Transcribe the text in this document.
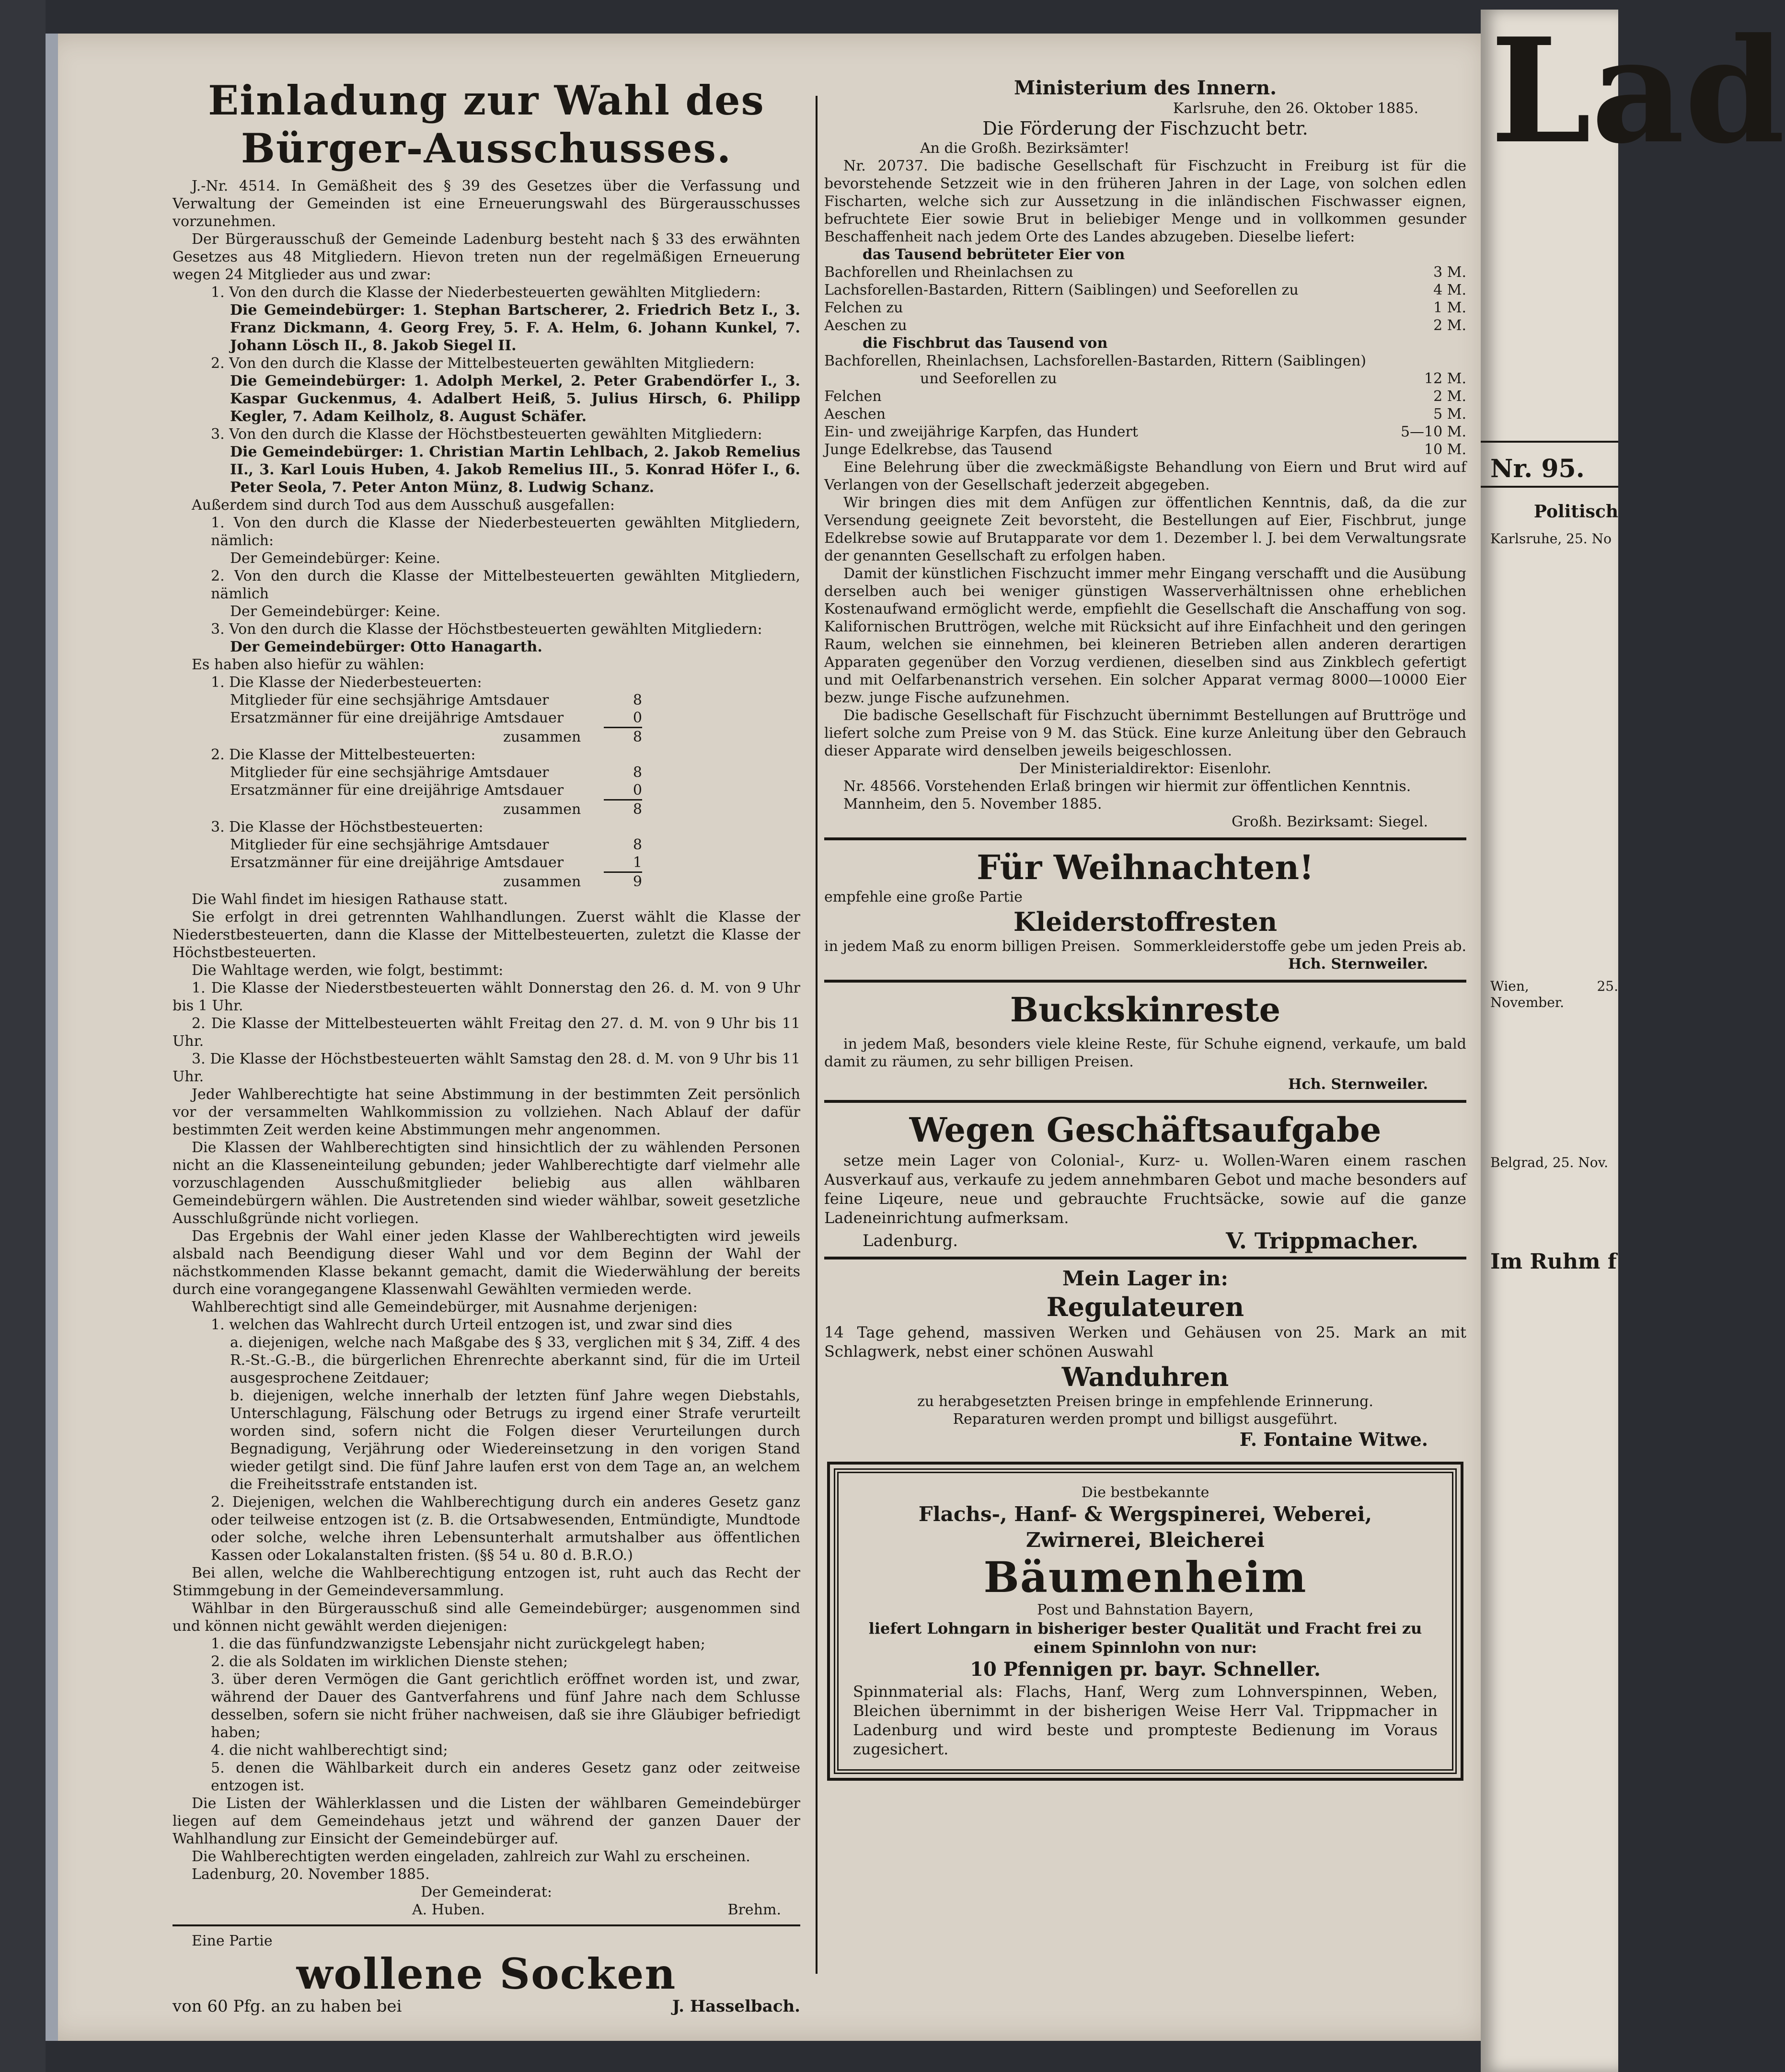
Einladung zur Wahl des Bürger-Ausschusses.

J.-Nr. 4514. In Gemäßheit des § 39 des Gesetzes über die Verfassung und Verwaltung der Gemeinden ist eine Erneuerungswahl des Bürgerausschusses vorzunehmen.

Der Bürgerausschuß der Gemeinde Ladenburg besteht nach § 33 des erwähnten Gesetzes aus 48 Mitgliedern. Hievon treten nun der regelmäßigen Erneuerung wegen 24 Mitglieder aus und zwar:

1. Von den durch die Klasse der Niederbesteuerten gewählten Mitgliedern:

Die Gemeindebürger: 1. Stephan Bartscherer, 2. Friedrich Betz I., 3. Franz Dickmann, 4. Georg Frey, 5. F. A. Helm, 6. Johann Kunkel, 7. Johann Lösch II., 8. Jakob Siegel II.

2. Von den durch die Klasse der Mittelbesteuerten gewählten Mitgliedern:

Die Gemeindebürger: 1. Adolph Merkel, 2. Peter Grabendörfer I., 3. Kaspar Guckenmus, 4. Adalbert Heiß, 5. Julius Hirsch, 6. Philipp Kegler, 7. Adam Keilholz, 8. August Schäfer.

3. Von den durch die Klasse der Höchstbesteuerten gewählten Mitgliedern:

Die Gemeindebürger: 1. Christian Martin Lehlbach, 2. Jakob Remelius II., 3. Karl Louis Huben, 4. Jakob Remelius III., 5. Konrad Höfer I., 6. Peter Seola, 7. Peter Anton Münz, 8. Ludwig Schanz.

Außerdem sind durch Tod aus dem Ausschuß ausgefallen:

1. Von den durch die Klasse der Niederbesteuerten gewählten Mitgliedern, nämlich:

Der Gemeindebürger: Keine.

2. Von den durch die Klasse der Mittelbesteuerten gewählten Mitgliedern, nämlich

Der Gemeindebürger: Keine.

3. Von den durch die Klasse der Höchstbesteuerten gewählten Mitgliedern:

Der Gemeindebürger: Otto Hanagarth.

Es haben also hiefür zu wählen:

1. Die Klasse der Niederbesteuerten:

Mitglieder für eine sechsjährige Amtsdauer	8
Ersatzmänner für eine dreijährige Amtsdauer	0
zusammen	8

2. Die Klasse der Mittelbesteuerten:

Mitglieder für eine sechsjährige Amtsdauer	8
Ersatzmänner für eine dreijährige Amtsdauer	0
zusammen	8

3. Die Klasse der Höchstbesteuerten:

Mitglieder für eine sechsjährige Amtsdauer	8
Ersatzmänner für eine dreijährige Amtsdauer	1
zusammen	9

Die Wahl findet im hiesigen Rathause statt.

Sie erfolgt in drei getrennten Wahlhandlungen. Zuerst wählt die Klasse der Niederstbesteuerten, dann die Klasse der Mittelbesteuerten, zuletzt die Klasse der Höchstbesteuerten.

Die Wahltage werden, wie folgt, bestimmt:

1. Die Klasse der Niederstbesteuerten wählt Donnerstag den 26. d. M. von 9 Uhr bis 1 Uhr.

2. Die Klasse der Mittelbesteuerten wählt Freitag den 27. d. M. von 9 Uhr bis 11 Uhr.

3. Die Klasse der Höchstbesteuerten wählt Samstag den 28. d. M. von 9 Uhr bis 11 Uhr.

Jeder Wahlberechtigte hat seine Abstimmung in der bestimmten Zeit persönlich vor der versammelten Wahlkommission zu vollziehen. Nach Ablauf der dafür bestimmten Zeit werden keine Abstimmungen mehr angenommen.

Die Klassen der Wahlberechtigten sind hinsichtlich der zu wählenden Personen nicht an die Klasseneinteilung gebunden; jeder Wahlberechtigte darf vielmehr alle vorzuschlagenden Ausschußmitglieder beliebig aus allen wählbaren Gemeindebürgern wählen. Die Austretenden sind wieder wählbar, soweit gesetzliche Ausschlußgründe nicht vorliegen.

Das Ergebnis der Wahl einer jeden Klasse der Wahlberechtigten wird jeweils alsbald nach Beendigung dieser Wahl und vor dem Beginn der Wahl der nächstkommenden Klasse bekannt gemacht, damit die Wiederwählung der bereits durch eine vorangegangene Klassenwahl Gewählten vermieden werde.

Wahlberechtigt sind alle Gemeindebürger, mit Ausnahme derjenigen:

1. welchen das Wahlrecht durch Urteil entzogen ist, und zwar sind dies

a. diejenigen, welche nach Maßgabe des § 33, verglichen mit § 34, Ziff. 4 des R.-St.-G.-B., die bürgerlichen Ehrenrechte aberkannt sind, für die im Urteil ausgesprochene Zeitdauer;

b. diejenigen, welche innerhalb der letzten fünf Jahre wegen Diebstahls, Unterschlagung, Fälschung oder Betrugs zu irgend einer Strafe verurteilt worden sind, sofern nicht die Folgen dieser Verurteilungen durch Begnadigung, Verjährung oder Wiedereinsetzung in den vorigen Stand wieder getilgt sind. Die fünf Jahre laufen erst von dem Tage an, an welchem die Freiheitsstrafe entstanden ist.

2. Diejenigen, welchen die Wahlberechtigung durch ein anderes Gesetz ganz oder teilweise entzogen ist (z. B. die Ortsabwesenden, Entmündigte, Mundtode oder solche, welche ihren Lebensunterhalt armutshalber aus öffentlichen Kassen oder Lokalanstalten fristen. (§§ 54 u. 80 d. B.R.O.)

Bei allen, welche die Wahlberechtigung entzogen ist, ruht auch das Recht der Stimmgebung in der Gemeindeversammlung.

Wählbar in den Bürgerausschuß sind alle Gemeindebürger; ausgenommen sind und können nicht gewählt werden diejenigen:

1. die das fünfundzwanzigste Lebensjahr nicht zurückgelegt haben;

2. die als Soldaten im wirklichen Dienste stehen;

3. über deren Vermögen die Gant gerichtlich eröffnet worden ist, und zwar, während der Dauer des Gantverfahrens und fünf Jahre nach dem Schlusse desselben, sofern sie nicht früher nachweisen, daß sie ihre Gläubiger befriedigt haben;

4. die nicht wahlberechtigt sind;

5. denen die Wählbarkeit durch ein anderes Gesetz ganz oder zeitweise entzogen ist.

Die Listen der Wählerklassen und die Listen der wählbaren Gemeindebürger liegen auf dem Gemeindehaus jetzt und während der ganzen Dauer der Wahlhandlung zur Einsicht der Gemeindebürger auf.

Die Wahlberechtigten werden eingeladen, zahlreich zur Wahl zu erscheinen.

Ladenburg, 20. November 1885.

Der Gemeinderat:

A. Huben.	Brehm.

Eine Partie

wollene Socken
von 60 Pfg. an zu haben bei	J. Hasselbach.
Ministerium des Innern.

Karlsruhe, den 26. Oktober 1885.

Die Förderung der Fischzucht betr.

An die Großh. Bezirksämter!

Nr. 20737. Die badische Gesellschaft für Fischzucht in Freiburg ist für die bevorstehende Setzzeit wie in den früheren Jahren in der Lage, von solchen edlen Fischarten, welche sich zur Aussetzung in die inländischen Fischwasser eignen, befruchtete Eier sowie Brut in beliebiger Menge und in vollkommen gesunder Beschaffenheit nach jedem Orte des Landes abzugeben. Dieselbe liefert:

das Tausend bebrüteter Eier von

Bachforellen und Rheinlachsen zu	3 M.
Lachsforellen-Bastarden, Rittern (Saiblingen) und Seeforellen zu	4 M.
Felchen zu	1 M.
Aeschen zu	2 M.

die Fischbrut das Tausend von

Bachforellen, Rheinlachsen, Lachsforellen-Bastarden, Rittern (Saiblingen)

und Seeforellen zu	12 M.
Felchen	2 M.
Aeschen	5 M.
Ein- und zweijährige Karpfen, das Hundert	5—10 M.
Junge Edelkrebse, das Tausend	10 M.

Eine Belehrung über die zweckmäßigste Behandlung von Eiern und Brut wird auf Verlangen von der Gesellschaft jederzeit abgegeben.

Wir bringen dies mit dem Anfügen zur öffentlichen Kenntnis, daß, da die zur Versendung geeignete Zeit bevorsteht, die Bestellungen auf Eier, Fischbrut, junge Edelkrebse sowie auf Brutapparate vor dem 1. Dezember l. J. bei dem Verwaltungsrate der genannten Gesellschaft zu erfolgen haben.

Damit der künstlichen Fischzucht immer mehr Eingang verschafft und die Ausübung derselben auch bei weniger günstigen Wasserverhältnissen ohne erheblichen Kostenaufwand ermöglicht werde, empfiehlt die Gesellschaft die Anschaffung von sog. Kalifornischen Bruttrögen, welche mit Rücksicht auf ihre Einfachheit und den geringen Raum, welchen sie einnehmen, bei kleineren Betrieben allen anderen derartigen Apparaten gegenüber den Vorzug verdienen, dieselben sind aus Zinkblech gefertigt und mit Oelfarbenanstrich versehen. Ein solcher Apparat vermag 8000—10000 Eier bezw. junge Fische aufzunehmen.

Die badische Gesellschaft für Fischzucht übernimmt Bestellungen auf Bruttröge und liefert solche zum Preise von 9 M. das Stück. Eine kurze Anleitung über den Gebrauch dieser Apparate wird denselben jeweils beigeschlossen.

Der Ministerialdirektor: Eisenlohr.

Nr. 48566. Vorstehenden Erlaß bringen wir hiermit zur öffentlichen Kenntnis.

Mannheim, den 5. November 1885.

Großh. Bezirksamt: Siegel.

Für Weihnachten!

empfehle eine große Partie

Kleiderstoffresten
in jedem Maß zu enorm billigen Preisen. Sommerkleiderstoffe gebe um jeden Preis ab.

Hch. Sternweiler.

Buckskinreste

in jedem Maß, besonders viele kleine Reste, für Schuhe eignend, verkaufe, um bald damit zu räumen, zu sehr billigen Preisen.

Hch. Sternweiler.

Wegen Geschäftsaufgabe

setze mein Lager von Colonial-, Kurz- u. Wollen-Waren einem raschen Ausverkauf aus, verkaufe zu jedem annehmbaren Gebot und mache besonders auf feine Liqeure, neue und gebrauchte Fruchtsäcke, sowie auf die ganze Ladeneinrichtung aufmerksam.

Ladenburg.	V. Trippmacher.
Mein Lager in:
Regulateuren

14 Tage gehend, massiven Werken und Gehäusen von 25. Mark an mit Schlagwerk, nebst einer schönen Auswahl

Wanduhren

zu herabgesetzten Preisen bringe in empfehlende Erinnerung.

Reparaturen werden prompt und billigst ausgeführt.

F. Fontaine Witwe.

Die bestbekannte

Flachs-, Hanf- & Wergspinerei, Weberei,
Zwirnerei, Bleicherei
Bäumenheim

Post und Bahnstation Bayern,

liefert Lohngarn in bisheriger bester Qualität und Fracht frei zu einem Spinnlohn von nur:

10 Pfennigen pr. bayr. Schneller.

Spinnmaterial als: Flachs, Hanf, Werg zum Lohnverspinnen, Weben, Bleichen übernimmt in der bisherigen Weise Herr Val. Trippmacher in Ladenburg und wird beste und prompteste Bedienung im Voraus zugesichert.

Lad

Nr. 95.

Politisch

Karlsruhe, 25. No

Wien, 25. November.

Belgrad, 25. Nov.

Im Ruhm f
